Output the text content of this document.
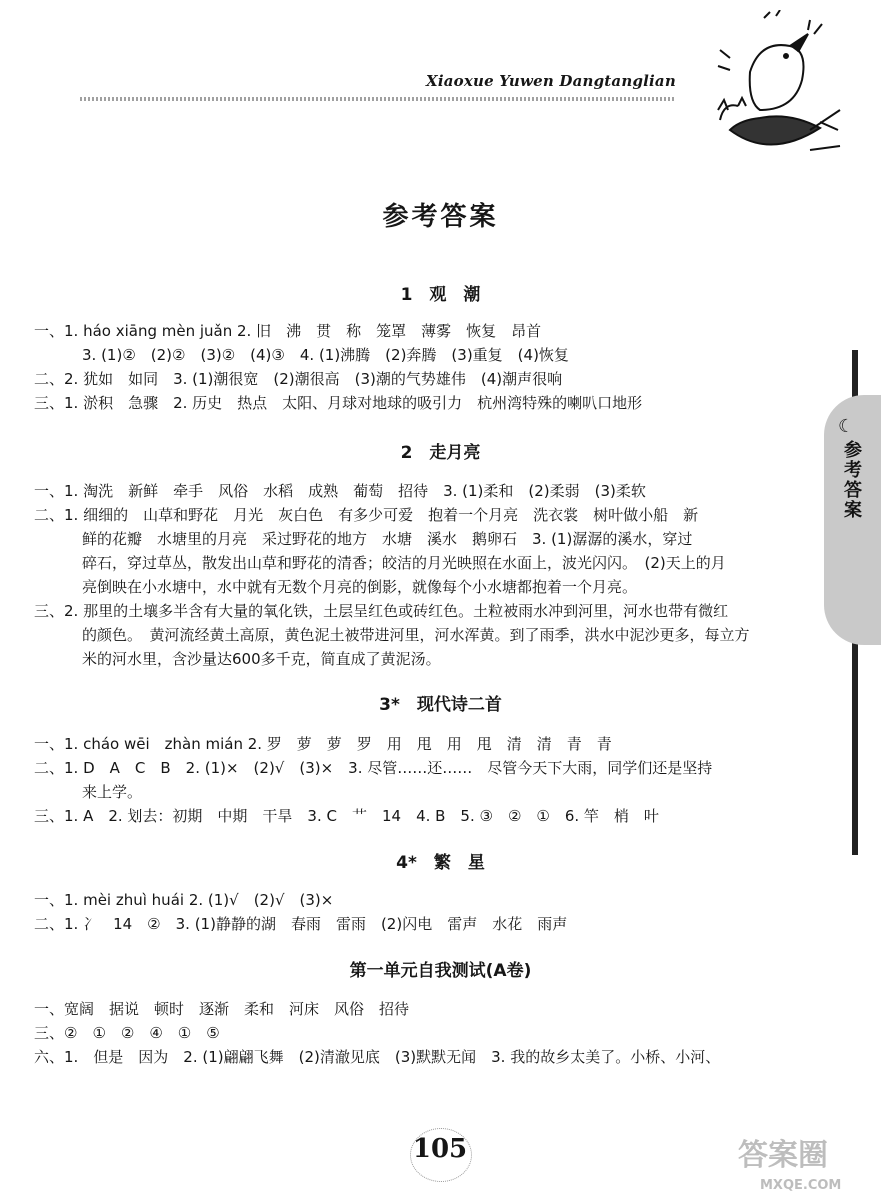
Xiaoxue Yuwen Dangtanglian
参考答案
☾
参考答案
1　观　潮
一、1. háo xiāng mèn juǎn 2. 旧　沸　贯　称　笼罩　薄雾　恢复　昂首
3. (1)②　(2)②　(3)②　(4)③　4. (1)沸腾　(2)奔腾　(3)重复　(4)恢复
二、2. 犹如　如同　3. (1)潮很宽　(2)潮很高　(3)潮的气势雄伟　(4)潮声很响
三、1. 淤积　急骤　2. 历史　热点　太阳、月球对地球的吸引力　杭州湾特殊的喇叭口地形
2　走月亮
一、1. 淘洗　新鲜　牵手　风俗　水稻　成熟　葡萄　招待　3. (1)柔和　(2)柔弱　(3)柔软
二、1. 细细的　山草和野花　月光　灰白色　有多少可爱　抱着一个月亮　洗衣裳　树叶做小船　新
鲜的花瓣　水塘里的月亮　采过野花的地方　水塘　溪水　鹅卵石　3. (1)潺潺的溪水，穿过
碎石，穿过草丛，散发出山草和野花的清香；皎洁的月光映照在水面上，波光闪闪。　(2)天上的月
亮倒映在小水塘中，水中就有无数个月亮的倒影，就像每个小水塘都抱着一个月亮。
三、2. 那里的土壤多半含有大量的氧化铁，土层呈红色或砖红色。土粒被雨水冲到河里，河水也带有微红
的颜色。　黄河流经黄土高原，黄色泥土被带进河里，河水浑黄。到了雨季，洪水中泥沙更多，每立方
米的河水里，含沙量达600多千克，简直成了黄泥汤。
3*　现代诗二首
一、1. cháo wēi　zhàn mián 2. 罗　萝　萝　罗　用　甩　用　甩　清　清　青　青
二、1. D　A　C　B　2. (1)×　(2)√　(3)×　3. 尽管……还……　尽管今天下大雨，同学们还是坚持
来上学。
三、1. A　2. 划去：初期　中期　干旱　3. C　艹　14　4. B　5. ③　②　①　6. 竿　梢　叶
4*　繁　星
一、1. mèi zhuì huái 2. (1)√　(2)√　(3)×
二、1. 冫　14　②　3. (1)静静的湖　春雨　雷雨　(2)闪电　雷声　水花　雨声
第一单元自我测试(A卷)
一、宽阔　据说　顿时　逐渐　柔和　河床　风俗　招待
三、②　①　②　④　①　⑤
六、1.　但是　因为　2. (1)翩翩飞舞　(2)清澈见底　(3)默默无闻　3. 我的故乡太美了。小桥、小河、
105	答案圈
MXQE.COM
